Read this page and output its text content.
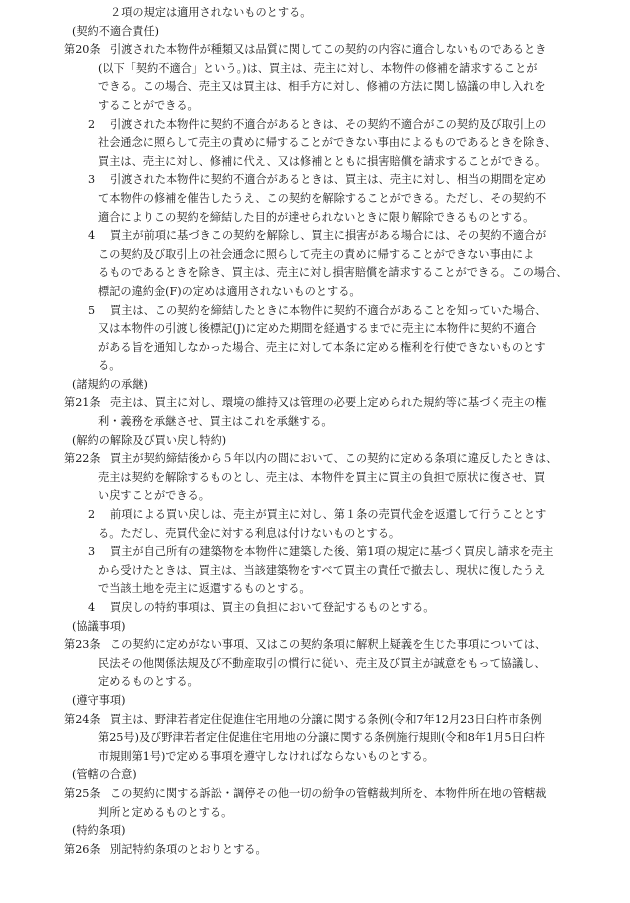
２項の規定は適用されないものとする。
(契約不適合責任)
第20条 引渡された本物件が種類又は品質に関してこの契約の内容に適合しないものであるとき
(以下「契約不適合」という。)は、買主は、売主に対し、本物件の修補を請求することが
できる。この場合、売主又は買主は、相手方に対し、修補の方法に関し協議の申し入れを
することができる。
2	引渡された本物件に契約不適合があるときは、その契約不適合がこの契約及び取引上の
社会通念に照らして売主の責めに帰することができない事由によるものであるときを除き、
買主は、売主に対し、修補に代え、又は修補とともに損害賠償を請求することができる。
3	引渡された本物件に契約不適合があるときは、買主は、売主に対し、相当の期間を定め
て本物件の修補を催告したうえ、この契約を解除することができる。ただし、その契約不
適合によりこの契約を締結した目的が達せられないときに限り解除できるものとする。
4	買主が前項に基づきこの契約を解除し、買主に損害がある場合には、その契約不適合が
この契約及び取引上の社会通念に照らして売主の責めに帰することができない事由によ
るものであるときを除き、買主は、売主に対し損害賠償を請求することができる。この場合、
標記の違約金(F)の定めは適用されないものとする。
5	買主は、この契約を締結したときに本物件に契約不適合があることを知っていた場合、
又は本物件の引渡し後標記(J)に定めた期間を経過するまでに売主に本物件に契約不適合
がある旨を通知しなかった場合、売主に対して本条に定める権利を行使できないものとす
る。
(諸規約の承継)
第21条 売主は、買主に対し、環境の維持又は管理の必要上定められた規約等に基づく売主の権
利・義務を承継させ、買主はこれを承継する。
(解約の解除及び買い戻し特約)
第22条 買主が契約締結後から５年以内の間において、この契約に定める条項に違反したときは、
売主は契約を解除するものとし、売主は、本物件を買主に買主の負担で原状に復させ、買
い戻すことができる。
2	前項による買い戻しは、売主が買主に対し、第１条の売買代金を返還して行うこととす
る。ただし、売買代金に対する利息は付けないものとする。
3	買主が自己所有の建築物を本物件に建築した後、第1項の規定に基づく買戻し請求を売主
から受けたときは、買主は、当該建築物をすべて買主の責任で撤去し、現状に復したうえ
で当該土地を売主に返還するものとする。
4	買戻しの特約事項は、買主の負担において登記するものとする。
(協議事項)
第23条 この契約に定めがない事項、又はこの契約条項に解釈上疑義を生じた事項については、
民法その他関係法規及び不動産取引の慣行に従い、売主及び買主が誠意をもって協議し、
定めるものとする。
(遵守事項)
第24条 買主は、野津若者定住促進住宅用地の分譲に関する条例(令和7年12月23日臼杵市条例
第25号)及び野津若者定住促進住宅用地の分譲に関する条例施行規則(令和8年1月5日臼杵
市規則第1号)で定める事項を遵守しなければならないものとする。
(管轄の合意)
第25条 この契約に関する訴訟・調停その他一切の紛争の管轄裁判所を、本物件所在地の管轄裁
判所と定めるものとする。
(特約条項)
第26条 別記特約条項のとおりとする。
